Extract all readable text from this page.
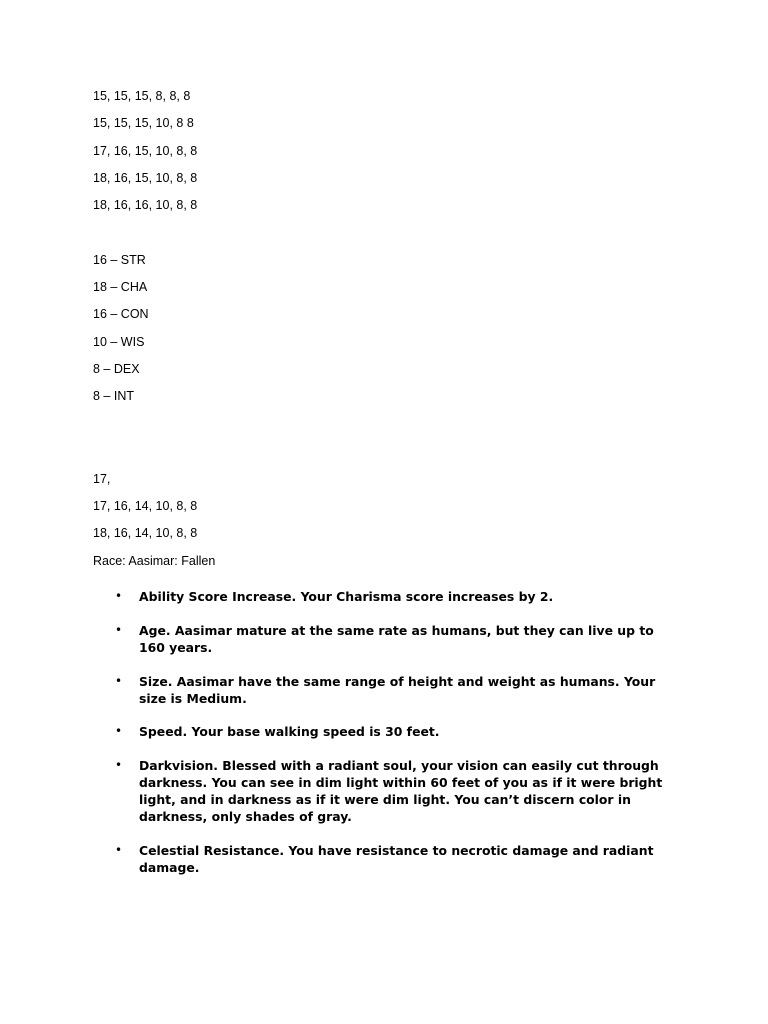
15, 15, 15, 8, 8, 8
15, 15, 15, 10, 8 8
17, 16, 15, 10, 8, 8
18, 16, 15, 10, 8, 8
18, 16, 16, 10, 8, 8
16 – STR
18 – CHA
16 – CON
10 – WIS
8 – DEX
8 – INT
17,
17, 16, 14, 10, 8, 8
18, 16, 14, 10, 8, 8
Race: Aasimar: Fallen
• Ability Score Increase. Your Charisma score increases by 2.
• Age. Aasimar mature at the same rate as humans, but they can live up to 160 years.
• Size. Aasimar have the same range of height and weight as humans. Your size is Medium.
• Speed. Your base walking speed is 30 feet.
• Darkvision. Blessed with a radiant soul, your vision can easily cut through darkness. You can see in dim light within 60 feet of you as if it were bright light, and in darkness as if it were dim light. You can’t discern color in darkness, only shades of gray.
• Celestial Resistance. You have resistance to necrotic damage and radiant damage.
